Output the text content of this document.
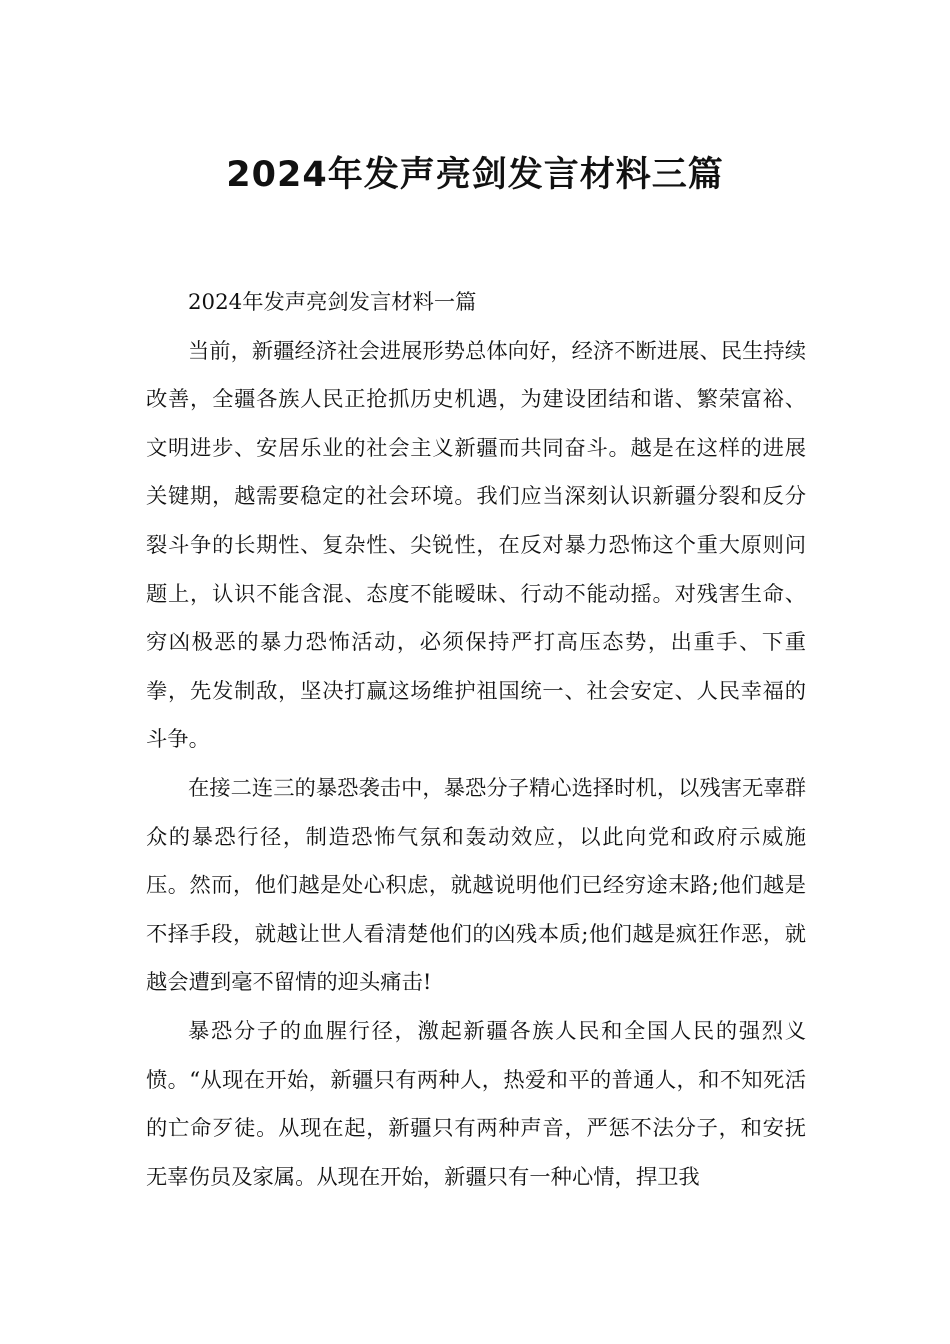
2024年发声亮剑发言材料三篇

2024年发声亮剑发言材料一篇

当前，新疆经济社会进展形势总体向好，经济不断进展、民生持续改善，全疆各族人民正抢抓历史机遇，为建设团结和谐、繁荣富裕、文明进步、安居乐业的社会主义新疆而共同奋斗。越是在这样的进展关键期，越需要稳定的社会环境。我们应当深刻认识新疆分裂和反分裂斗争的长期性、复杂性、尖锐性，在反对暴力恐怖这个重大原则问题上，认识不能含混、态度不能暧昧、行动不能动摇。对残害生命、穷凶极恶的暴力恐怖活动，必须保持严打高压态势，出重手、下重拳，先发制敌，坚决打赢这场维护祖国统一、社会安定、人民幸福的斗争。

在接二连三的暴恐袭击中，暴恐分子精心选择时机，以残害无辜群众的暴恐行径，制造恐怖气氛和轰动效应，以此向党和政府示威施压。然而，他们越是处心积虑，就越说明他们已经穷途末路;他们越是不择手段，就越让世人看清楚他们的凶残本质;他们越是疯狂作恶，就越会遭到毫不留情的迎头痛击!

暴恐分子的血腥行径，激起新疆各族人民和全国人民的强烈义愤。“从现在开始，新疆只有两种人，热爱和平的普通人，和不知死活的亡命歹徒。从现在起，新疆只有两种声音，严惩不法分子，和安抚无辜伤员及家属。从现在开始，新疆只有一种心情，捍卫我
